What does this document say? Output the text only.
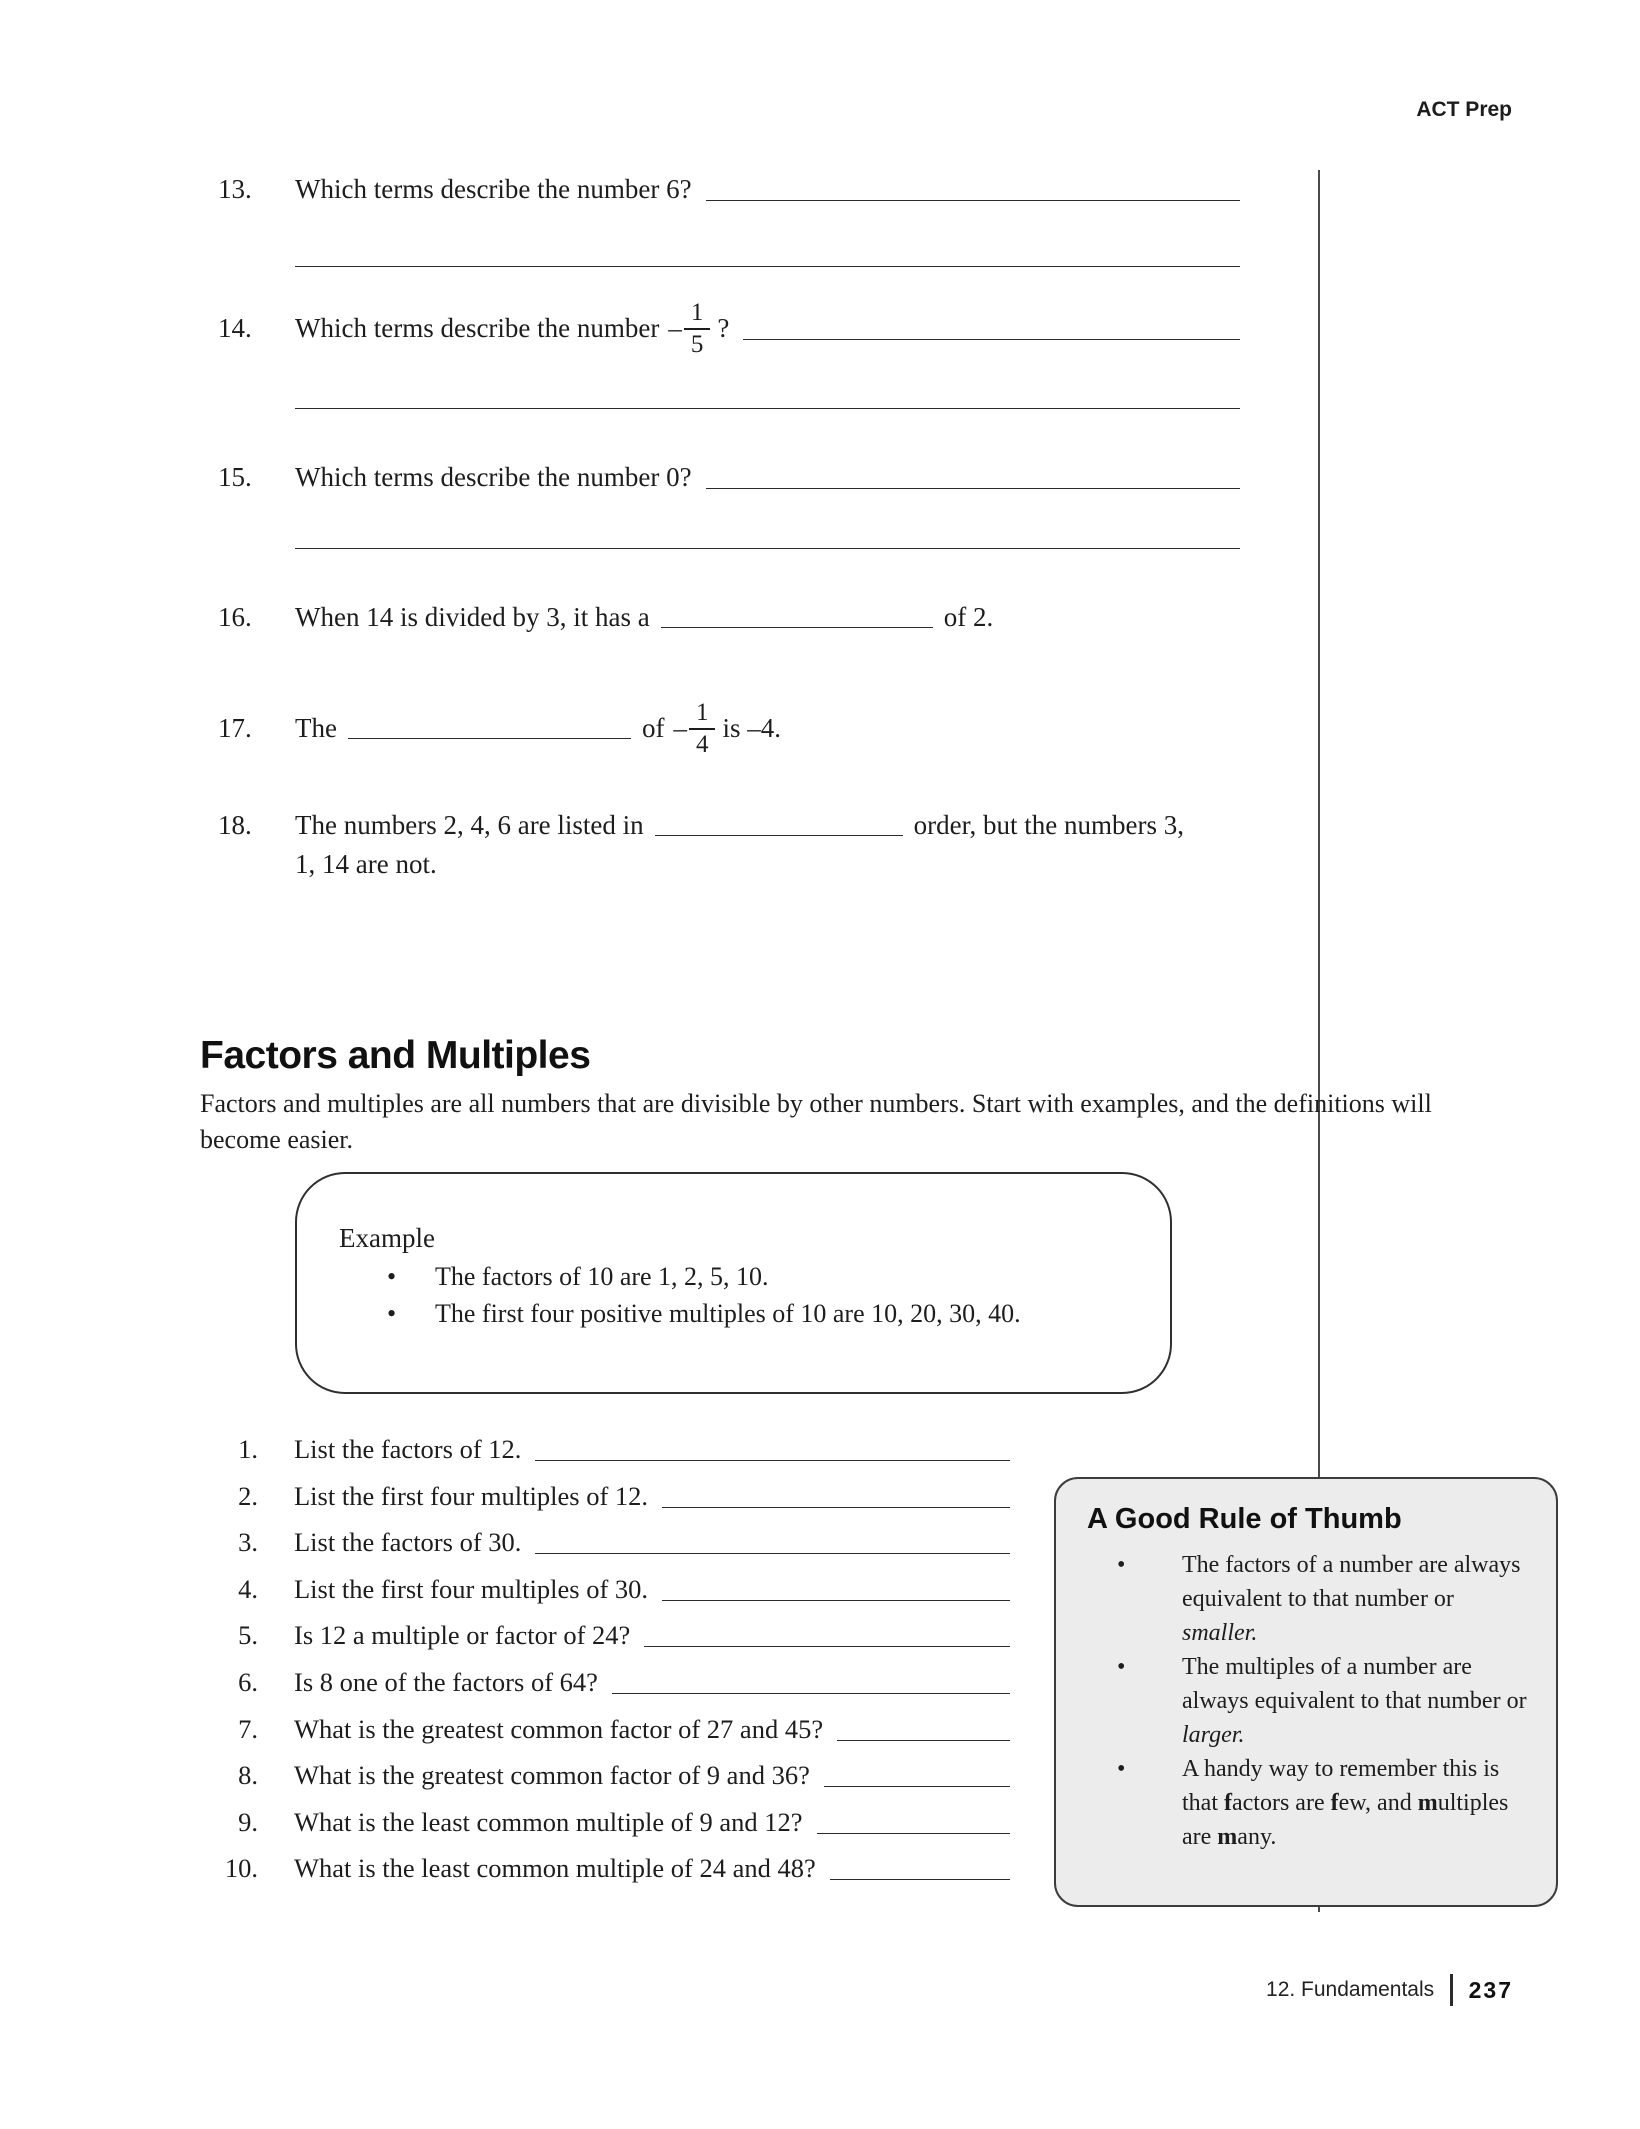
ACT Prep
13.	Which terms describe the number 6?
14.	Which terms describe the number – $\frac{1}{5}$ ?
15.	Which terms describe the number 0?
16.	When 14 is divided by 3, it has a	of 2.
17.	The	of – $\frac{1}{4}$ is –4.
18.	The numbers 2, 4, 6 are listed in	order, but the numbers 3,
1, 14 are not.
Factors and Multiples

Factors and multiples are all numbers that are divisible by other numbers. Start with examples, and the definitions will become easier.

Example
•	The factors of 10 are 1, 2, 5, 10.
•	The first four positive multiples of 10 are 10, 20, 30, 40.
1. List the factors of 12.
2. List the first four multiples of 12.
3. List the factors of 30.
4. List the first four multiples of 30.
5. Is 12 a multiple or factor of 24?
6. Is 8 one of the factors of 64?
7. What is the greatest common factor of 27 and 45?
8. What is the greatest common factor of 9 and 36?
9. What is the least common multiple of 9 and 12?
10. What is the least common multiple of 24 and 48?
A Good Rule of Thumb
•	The factors of a number are always equivalent to that number or smaller.

•	The multiples of a number are always equivalent to that number or larger.

•	A handy way to remember this is that factors are few, and multiples are many.

12. Fundamentals 237
